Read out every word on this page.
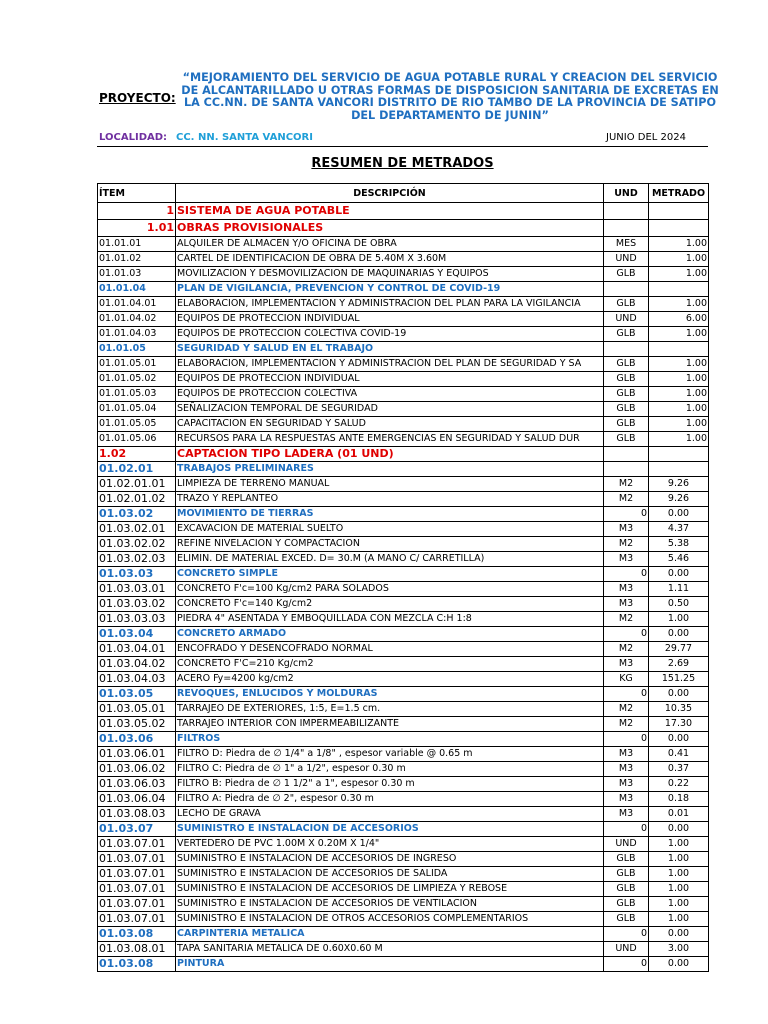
PROYECTO:
“MEJORAMIENTO DEL SERVICIO DE AGUA POTABLE RURAL Y CREACION DEL SERVICIO DE ALCANTARILLADO U OTRAS FORMAS DE DISPOSICION SANITARIA DE EXCRETAS EN LA CC.NN. DE SANTA VANCORI DISTRITO DE RIO TAMBO DE LA PROVINCIA DE SATIPO DEL DEPARTAMENTO DE JUNIN”
LOCALIDAD: CC. NN. SANTA VANCORI	JUNIO DEL 2024
RESUMEN DE METRADOS
ÍTEM	DESCRIPCIÓN	UND	METRADO
1	SISTEMA DE AGUA POTABLE		
1.01	OBRAS PROVISIONALES		
01.01.01	ALQUILER DE ALMACEN Y/O OFICINA DE OBRA	MES	1.00
01.01.02	CARTEL DE IDENTIFICACION DE OBRA DE 5.40M X 3.60M	UND	1.00
01.01.03	MOVILIZACION Y DESMOVILIZACION DE MAQUINARIAS Y EQUIPOS	GLB	1.00
01.01.04	PLAN DE VIGILANCIA, PREVENCION Y CONTROL DE COVID-19		
01.01.04.01	ELABORACION, IMPLEMENTACION Y ADMINISTRACION DEL PLAN PARA LA VIGILANCIA	GLB	1.00
01.01.04.02	EQUIPOS DE PROTECCION INDIVIDUAL	UND	6.00
01.01.04.03	EQUIPOS DE PROTECCION COLECTIVA COVID-19	GLB	1.00
01.01.05	SEGURIDAD Y SALUD EN EL TRABAJO		
01.01.05.01	ELABORACION, IMPLEMENTACION Y ADMINISTRACION DEL PLAN DE SEGURIDAD Y SA	GLB	1.00
01.01.05.02	EQUIPOS DE PROTECCION INDIVIDUAL	GLB	1.00
01.01.05.03	EQUIPOS DE PROTECCION COLECTIVA	GLB	1.00
01.01.05.04	SEÑALIZACION TEMPORAL DE SEGURIDAD	GLB	1.00
01.01.05.05	CAPACITACION EN SEGURIDAD Y SALUD	GLB	1.00
01.01.05.06	RECURSOS PARA LA RESPUESTAS ANTE EMERGENCIAS EN SEGURIDAD Y SALUD DUR	GLB	1.00
1.02	CAPTACION TIPO LADERA (01 UND)		
01.02.01	TRABAJOS PRELIMINARES		
01.02.01.01	LIMPIEZA DE TERRENO MANUAL	M2	9.26
01.02.01.02	TRAZO Y REPLANTEO	M2	9.26
01.03.02	MOVIMIENTO DE TIERRAS	0	0.00
01.03.02.01	EXCAVACION DE MATERIAL SUELTO	M3	4.37
01.03.02.02	REFINE NIVELACION Y COMPACTACION	M2	5.38
01.03.02.03	ELIMIN. DE MATERIAL EXCED. D= 30.M (A MANO C/ CARRETILLA)	M3	5.46
01.03.03	CONCRETO SIMPLE	0	0.00
01.03.03.01	CONCRETO F'c=100 Kg/cm2 PARA SOLADOS	M3	1.11
01.03.03.02	CONCRETO F'c=140 Kg/cm2	M3	0.50
01.03.03.03	PIEDRA 4" ASENTADA Y EMBOQUILLADA CON MEZCLA C:H 1:8	M2	1.00
01.03.04	CONCRETO ARMADO	0	0.00
01.03.04.01	ENCOFRADO Y DESENCOFRADO NORMAL	M2	29.77
01.03.04.02	CONCRETO F'C=210 Kg/cm2	M3	2.69
01.03.04.03	ACERO Fy=4200 kg/cm2	KG	151.25
01.03.05	REVOQUES, ENLUCIDOS Y MOLDURAS	0	0.00
01.03.05.01	TARRAJEO DE EXTERIORES, 1:5, E=1.5 cm.	M2	10.35
01.03.05.02	TARRAJEO INTERIOR CON IMPERMEABILIZANTE	M2	17.30
01.03.06	FILTROS	0	0.00
01.03.06.01	FILTRO D: Piedra de ∅ 1/4" a 1/8" , espesor variable @ 0.65 m	M3	0.41
01.03.06.02	FILTRO C: Piedra de ∅ 1" a 1/2", espesor 0.30 m	M3	0.37
01.03.06.03	FILTRO B: Piedra de ∅ 1 1/2" a 1", espesor 0.30 m	M3	0.22
01.03.06.04	FILTRO A: Piedra de ∅ 2", espesor 0.30 m	M3	0.18
01.03.08.03	LECHO DE GRAVA	M3	0.01
01.03.07	SUMINISTRO E INSTALACION DE ACCESORIOS	0	0.00
01.03.07.01	VERTEDERO DE PVC 1.00M X 0.20M X 1/4"	UND	1.00
01.03.07.01	SUMINISTRO E INSTALACION DE ACCESORIOS DE INGRESO	GLB	1.00
01.03.07.01	SUMINISTRO E INSTALACION DE ACCESORIOS DE SALIDA	GLB	1.00
01.03.07.01	SUMINISTRO E INSTALACION DE ACCESORIOS DE LIMPIEZA Y REBOSE	GLB	1.00
01.03.07.01	SUMINISTRO E INSTALACION DE ACCESORIOS DE VENTILACION	GLB	1.00
01.03.07.01	SUMINISTRO E INSTALACION DE OTROS ACCESORIOS COMPLEMENTARIOS	GLB	1.00
01.03.08	CARPINTERIA METALICA	0	0.00
01.03.08.01	TAPA SANITARIA METALICA DE 0.60X0.60 M	UND	3.00
01.03.08	PINTURA	0	0.00
